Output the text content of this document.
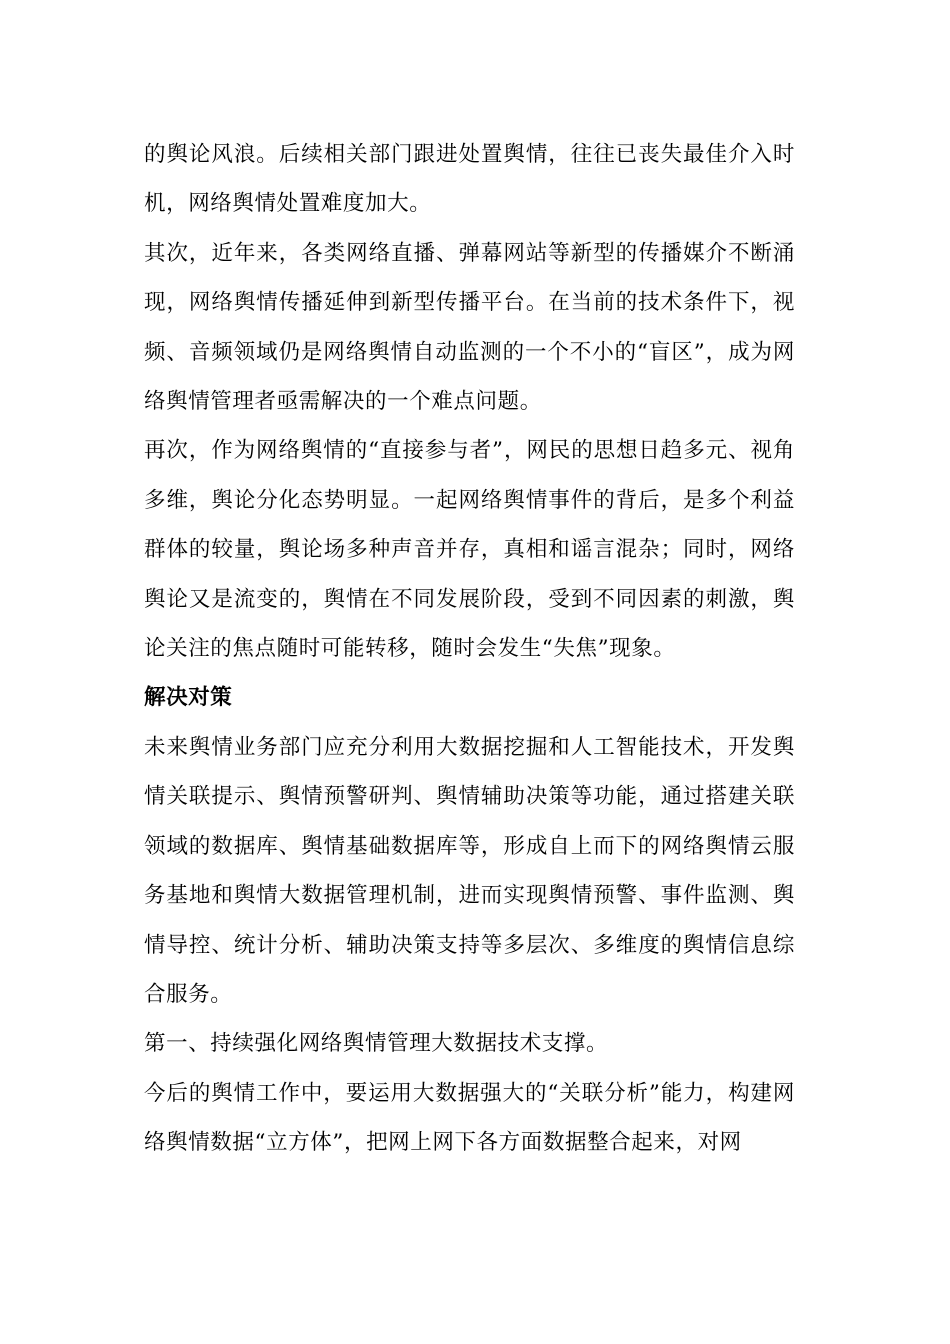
的舆论风浪。后续相关部门跟进处置舆情，往往已丧失最佳介入时机，网络舆情处置难度加大。

其次，近年来，各类网络直播、弹幕网站等新型的传播媒介不断涌现，网络舆情传播延伸到新型传播平台。在当前的技术条件下，视频、音频领域仍是网络舆情自动监测的一个不小的“盲区”，成为网络舆情管理者亟需解决的一个难点问题。

再次，作为网络舆情的“直接参与者”，网民的思想日趋多元、视角多维，舆论分化态势明显。一起网络舆情事件的背后，是多个利益群体的较量，舆论场多种声音并存，真相和谣言混杂；同时，网络舆论又是流变的，舆情在不同发展阶段，受到不同因素的刺激，舆论关注的焦点随时可能转移，随时会发生“失焦”现象。

解决对策

未来舆情业务部门应充分利用大数据挖掘和人工智能技术，开发舆情关联提示、舆情预警研判、舆情辅助决策等功能，通过搭建关联领域的数据库、舆情基础数据库等，形成自上而下的网络舆情云服务基地和舆情大数据管理机制，进而实现舆情预警、事件监测、舆情导控、统计分析、辅助决策支持等多层次、多维度的舆情信息综合服务。

第一、持续强化网络舆情管理大数据技术支撑。

今后的舆情工作中，要运用大数据强大的“关联分析”能力，构建网络舆情数据“立方体”，把网上网下各方面数据整合起来，对网
